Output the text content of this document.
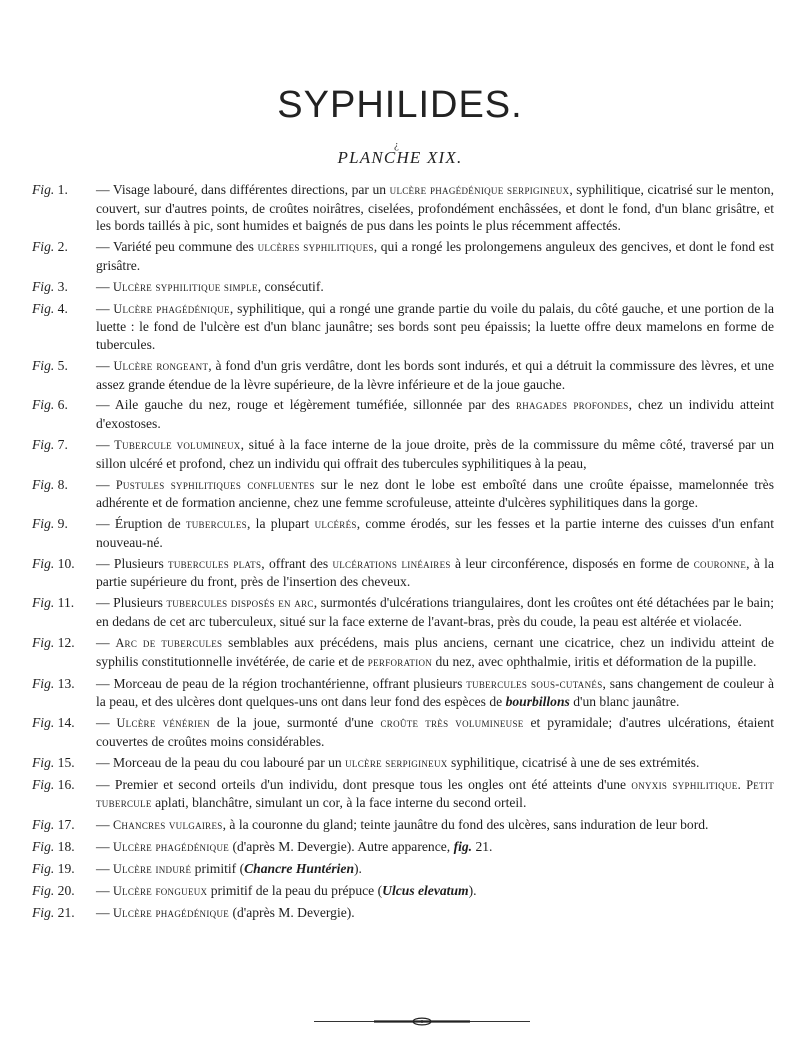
SYPHILIDES.
¿
PLANCHE XIX.
Fig. 1. — Visage labouré, dans différentes directions, par un ulcère phagédénique serpigineux, syphilitique, cicatrisé sur le menton, couvert, sur d'autres points, de croûtes noirâtres, ciselées, profondément enchâssées, et dont le fond, d'un blanc grisâtre, et les bords taillés à pic, sont humides et baignés de pus dans les points le plus récemment affectés.
Fig. 2. — Variété peu commune des ulcères syphilitiques, qui a rongé les prolongemens anguleux des gencives, et dont le fond est grisâtre.
Fig. 3. — Ulcère syphilitique simple, consécutif.
Fig. 4. — Ulcère phagédénique, syphilitique, qui a rongé une grande partie du voile du palais, du côté gauche, et une portion de la luette : le fond de l'ulcère est d'un blanc jaunâtre; ses bords sont peu épaissis; la luette offre deux mamelons en forme de tubercules.
Fig. 5. — Ulcère rongeant, à fond d'un gris verdâtre, dont les bords sont indurés, et qui a détruit la commissure des lèvres, et une assez grande étendue de la lèvre supérieure, de la lèvre inférieure et de la joue gauche.
Fig. 6. — Aile gauche du nez, rouge et légèrement tuméfiée, sillonnée par des rhagades profondes, chez un individu atteint d'exostoses.
Fig. 7. — Tubercule volumineux, situé à la face interne de la joue droite, près de la commissure du même côté, traversé par un sillon ulcéré et profond, chez un individu qui offrait des tubercules syphilitiques à la peau,
Fig. 8. — Pustules syphilitiques confluentes sur le nez dont le lobe est emboîté dans une croûte épaisse, mamelonnée très adhérente et de formation ancienne, chez une femme scrofuleuse, atteinte d'ulcères syphilitiques dans la gorge.
Fig. 9. — Éruption de tubercules, la plupart ulcérés, comme érodés, sur les fesses et la partie interne des cuisses d'un enfant nouveau-né.
Fig. 10. — Plusieurs tubercules plats, offrant des ulcérations linéaires à leur circonférence, disposés en forme de couronne, à la partie supérieure du front, près de l'insertion des cheveux.
Fig. 11. — Plusieurs tubercules disposés en arc, surmontés d'ulcérations triangulaires, dont les croûtes ont été détachées par le bain; en dedans de cet arc tuberculeux, situé sur la face externe de l'avant-bras, près du coude, la peau est altérée et violacée.
Fig. 12. — Arc de tubercules semblables aux précédens, mais plus anciens, cernant une cicatrice, chez un individu atteint de syphilis constitutionnelle invétérée, de carie et de perforation du nez, avec ophthalmie, iritis et déformation de la pupille.
Fig. 13. — Morceau de peau de la région trochantérienne, offrant plusieurs tubercules sous-cutanés, sans changement de couleur à la peau, et des ulcères dont quelques-uns ont dans leur fond des espèces de bourbillons d'un blanc jaunâtre.
Fig. 14. — Ulcère vénérien de la joue, surmonté d'une croûte très volumineuse et pyramidale; d'autres ulcérations, étaient couvertes de croûtes moins considérables.
Fig. 15. — Morceau de la peau du cou labouré par un ulcère serpigineux syphilitique, cicatrisé à une de ses extrémités.
Fig. 16. — Premier et second orteils d'un individu, dont presque tous les ongles ont été atteints d'une onyxis syphilitique. Petit tubercule aplati, blanchâtre, simulant un cor, à la face interne du second orteil.
Fig. 17. — Chancres vulgaires, à la couronne du gland; teinte jaunâtre du fond des ulcères, sans induration de leur bord.
Fig. 18. — Ulcère phagédénique (d'après M. Devergie). Autre apparence, fig. 21.
Fig. 19. — Ulcère induré primitif (Chancre Huntérien).
Fig. 20. — Ulcère fongueux primitif de la peau du prépuce (Ulcus elevatum).
Fig. 21. — Ulcère phagédénique (d'après M. Devergie).
